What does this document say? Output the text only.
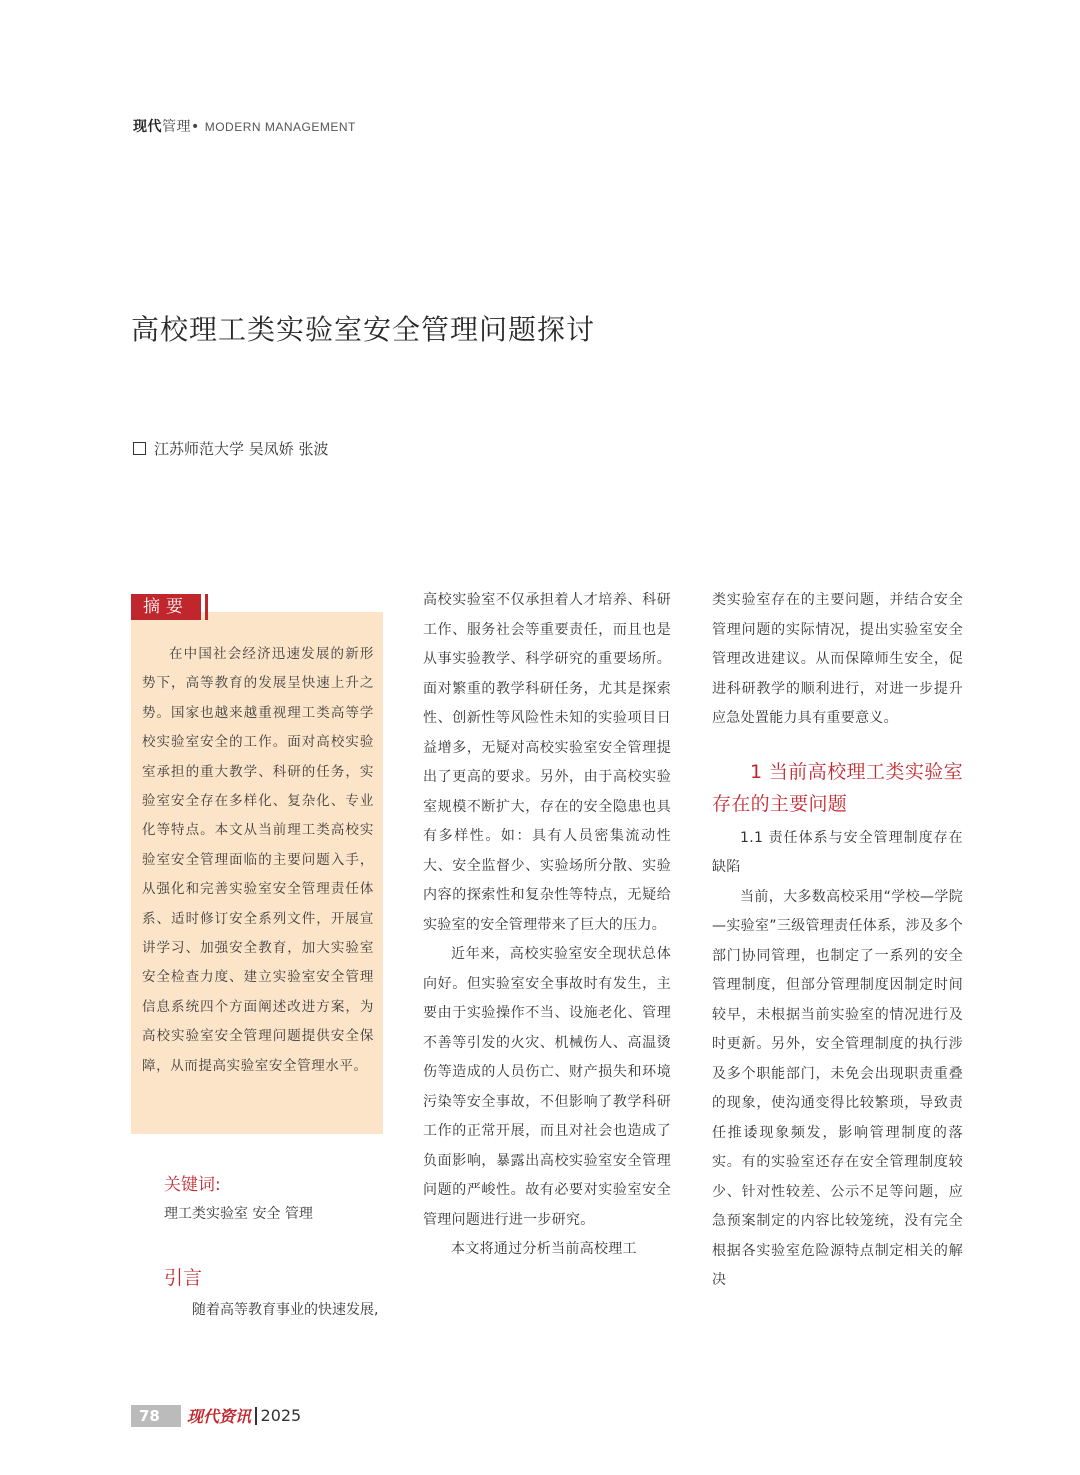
现代管理• MODERN MANAGEMENT
高校理工类实验室安全管理问题探讨
江苏师范大学 吴凤娇 张波
摘要

在中国社会经济迅速发展的新形势下，高等教育的发展呈快速上升之势。国家也越来越重视理工类高等学校实验室安全的工作。面对高校实验室承担的重大教学、科研的任务，实验室安全存在多样化、复杂化、专业化等特点。本文从当前理工类高校实验室安全管理面临的主要问题入手，从强化和完善实验室安全管理责任体系、适时修订安全系列文件，开展宣讲学习、加强安全教育，加大实验室安全检查力度、建立实验室安全管理信息系统四个方面阐述改进方案，为高校实验室安全管理问题提供安全保障，从而提高实验室安全管理水平。

关键词:
理工类实验室 安全 管理
引言
随着高等教育事业的快速发展,

高校实验室不仅承担着人才培养、科研工作、服务社会等重要责任，而且也是从事实验教学、科学研究的重要场所。面对繁重的教学科研任务，尤其是探索性、创新性等风险性未知的实验项目日益增多，无疑对高校实验室安全管理提出了更高的要求。另外，由于高校实验室规模不断扩大，存在的安全隐患也具有多样性。如：具有人员密集流动性大、安全监督少、实验场所分散、实验内容的探索性和复杂性等特点，无疑给实验室的安全管理带来了巨大的压力。

近年来，高校实验室安全现状总体向好。但实验室安全事故时有发生，主要由于实验操作不当、设施老化、管理不善等引发的火灾、机械伤人、高温烫伤等造成的人员伤亡、财产损失和环境污染等安全事故，不但影响了教学科研工作的正常开展，而且对社会也造成了负面影响，暴露出高校实验室安全管理问题的严峻性。故有必要对实验室安全管理问题进行进一步研究。

本文将通过分析当前高校理工

类实验室存在的主要问题，并结合安全管理问题的实际情况，提出实验室安全管理改进建议。从而保障师生安全，促进科研教学的顺利进行，对进一步提升应急处置能力具有重要意义。

1 当前高校理工类实验室存在的主要问题

1.1 责任体系与安全管理制度存在缺陷

当前，大多数高校采用“学校—学院—实验室”三级管理责任体系，涉及多个部门协同管理，也制定了一系列的安全管理制度，但部分管理制度因制定时间较早，未根据当前实验室的情况进行及时更新。另外，安全管理制度的执行涉及多个职能部门，未免会出现职责重叠的现象，使沟通变得比较繁琐，导致责任推诿现象频发，影响管理制度的落实。有的实验室还存在安全管理制度较少、针对性较差、公示不足等问题，应急预案制定的内容比较笼统，没有完全根据各实验室危险源特点制定相关的解决

78	现代资讯 2025
